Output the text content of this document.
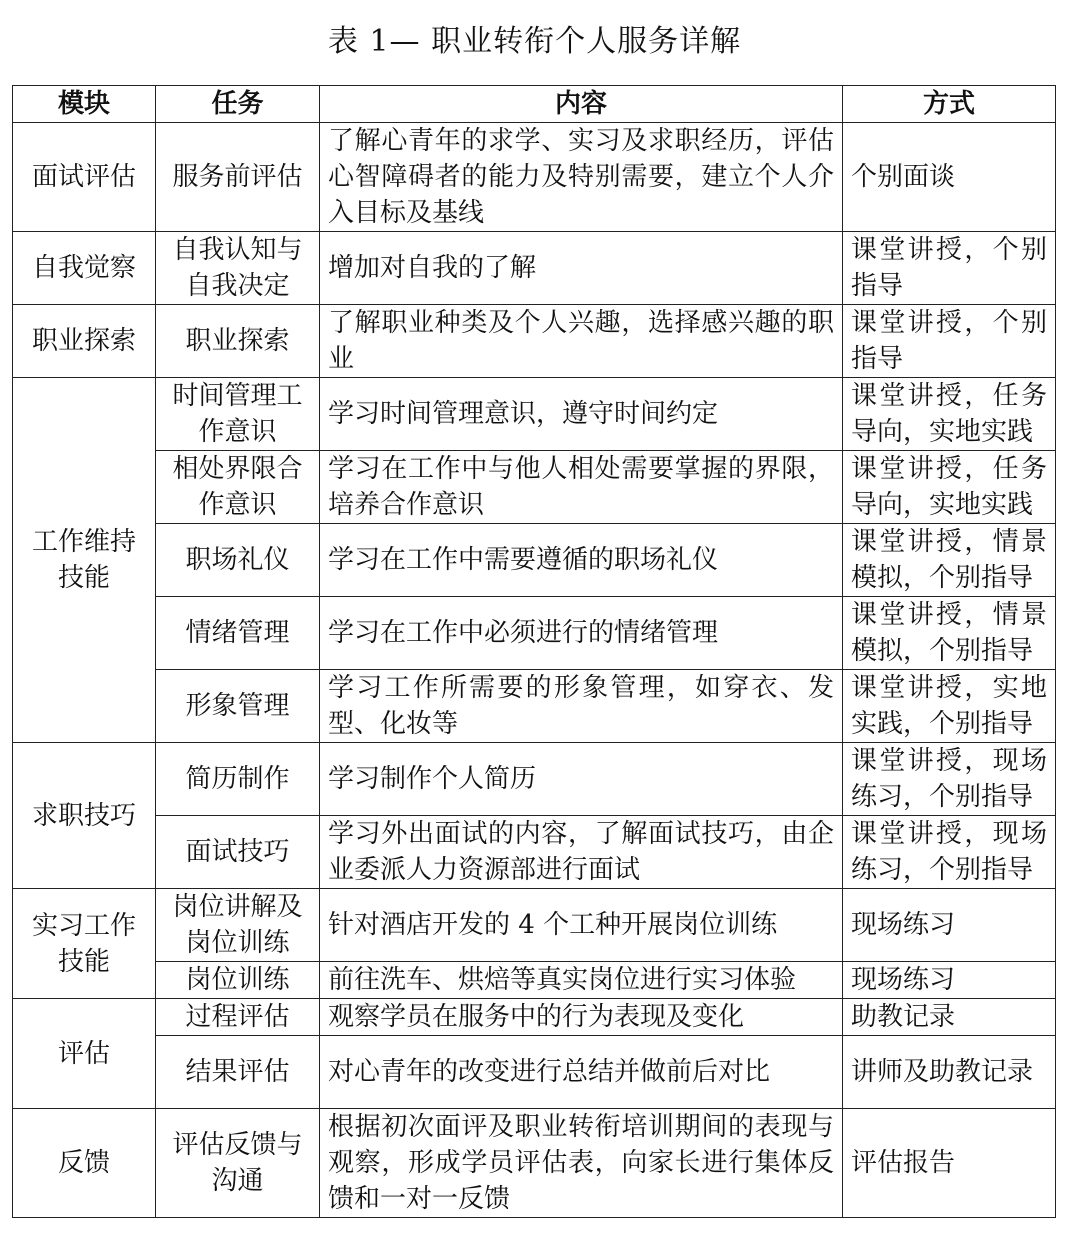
表 1— 职业转衔个人服务详解
模块	任务	内容	方式
面试评估	服务前评估	了解心青年的求学、实习及求职经历，评估心智障碍者的能力及特别需要，建立个人介入目标及基线	个别面谈
自我觉察	自我认知与自我决定	增加对自我的了解	课堂讲授，个别指导
职业探索	职业探索	了解职业种类及个人兴趣，选择感兴趣的职业	课堂讲授，个别指导
工作维持技能	时间管理工作意识	学习时间管理意识，遵守时间约定	课堂讲授，任务导向，实地实践
	相处界限合作意识	学习在工作中与他人相处需要掌握的界限，培养合作意识	课堂讲授，任务导向，实地实践
	职场礼仪	学习在工作中需要遵循的职场礼仪	课堂讲授，情景模拟，个别指导
	情绪管理	学习在工作中必须进行的情绪管理	课堂讲授，情景模拟，个别指导
	形象管理	学习工作所需要的形象管理，如穿衣、发型、化妆等	课堂讲授，实地实践，个别指导
求职技巧	简历制作	学习制作个人简历	课堂讲授，现场练习，个别指导
	面试技巧	学习外出面试的内容，了解面试技巧，由企业委派人力资源部进行面试	课堂讲授，现场练习，个别指导
实习工作技能	岗位讲解及岗位训练	针对酒店开发的 4 个工种开展岗位训练	现场练习
	岗位训练	前往洗车、烘焙等真实岗位进行实习体验	现场练习
评估	过程评估	观察学员在服务中的行为表现及变化	助教记录
	结果评估	对心青年的改变进行总结并做前后对比	讲师及助教记录
反馈	评估反馈与沟通	根据初次面评及职业转衔培训期间的表现与观察，形成学员评估表，向家长进行集体反馈和一对一反馈	评估报告
